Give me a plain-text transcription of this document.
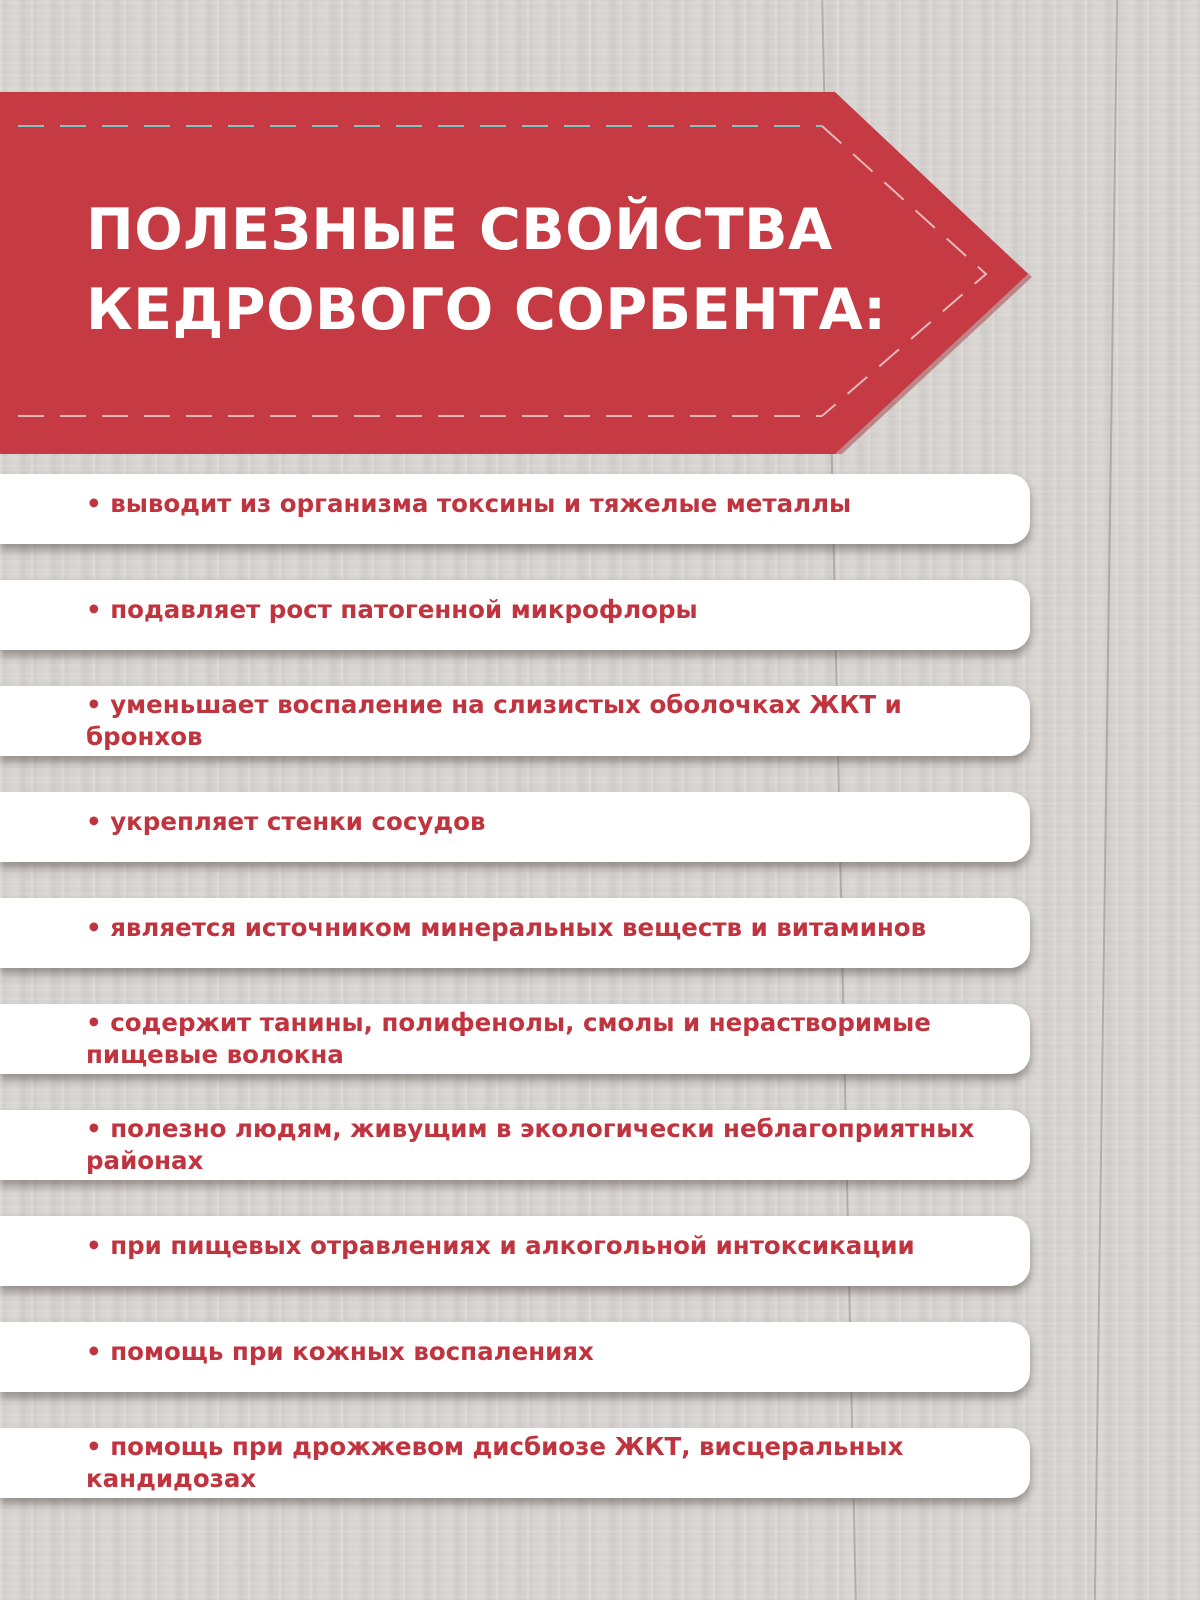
ПОЛЕЗНЫЕ СВОЙСТВА
КЕДРОВОГО СОРБЕНТА:
• выводит из организма токсины и тяжелые металлы
• подавляет рост патогенной микрофлоры
• уменьшает воспаление на слизистых оболочках ЖКТ и
бронхов
• укрепляет стенки сосудов
• является источником минеральных веществ и витаминов
• содержит танины, полифенолы, смолы и нерастворимые
пищевые волокна
• полезно людям, живущим в экологически неблагоприятных
районах
• при пищевых отравлениях и алкогольной интоксикации
• помощь при кожных воспалениях
• помощь при дрожжевом дисбиозе ЖКТ, висцеральных
кандидозах
